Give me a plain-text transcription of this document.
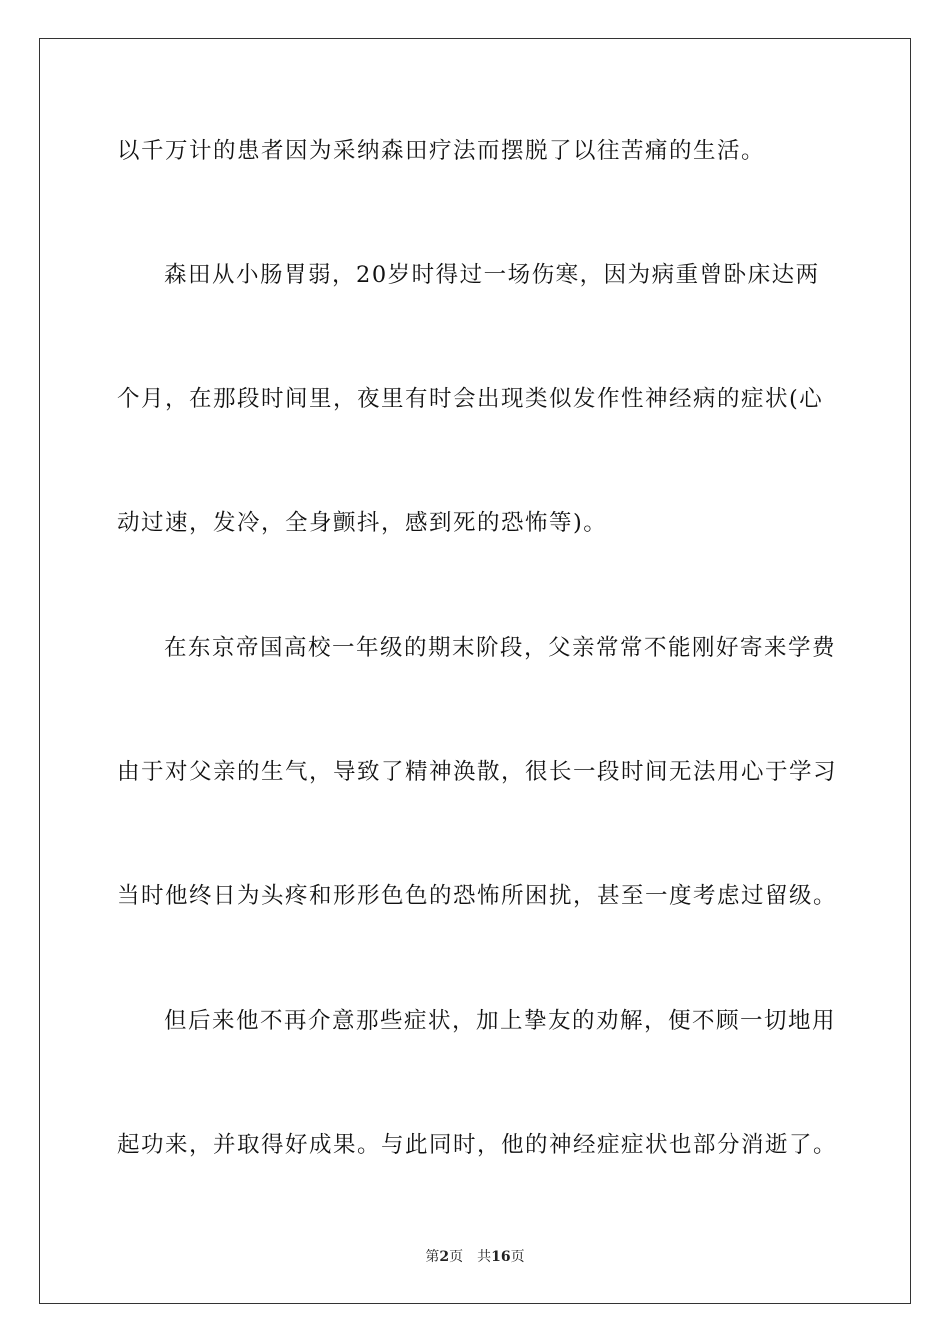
以千万计的患者因为采纳森田疗法而摆脱了以往苦痛的生活。

森田从小肠胃弱，20岁时得过一场伤寒，因为病重曾卧床达两

个月，在那段时间里，夜里有时会出现类似发作性神经病的症状(心

动过速，发冷，全身颤抖，感到死的恐怖等)。

在东京帝国高校一年级的期末阶段，父亲常常不能刚好寄来学费

由于对父亲的生气，导致了精神涣散，很长一段时间无法用心于学习

当时他终日为头疼和形形色色的恐怖所困扰，甚至一度考虑过留级。

但后来他不再介意那些症状，加上挚友的劝解，便不顾一切地用

起功来，并取得好成果。与此同时，他的神经症症状也部分消逝了。

第2页 共16页
